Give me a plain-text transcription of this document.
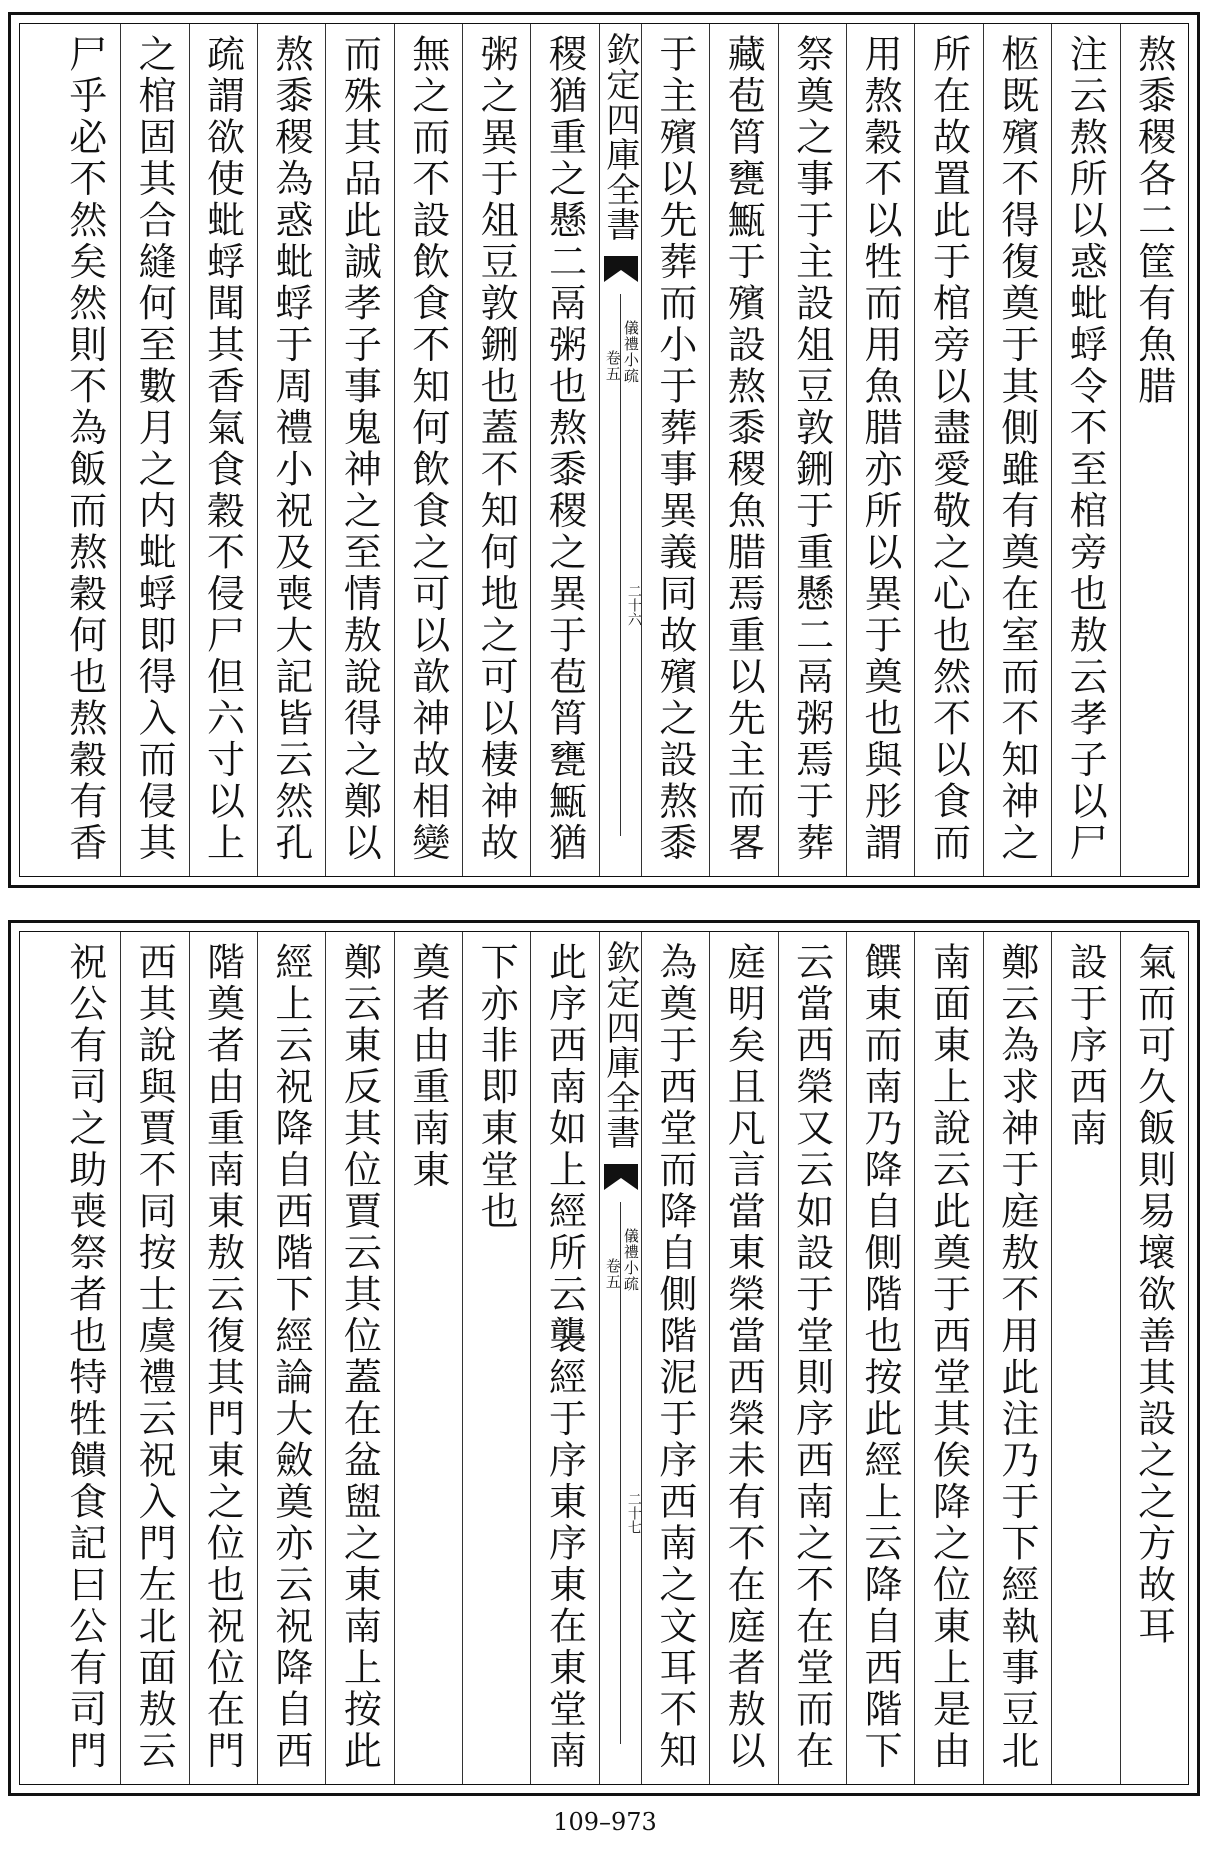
熬黍稷各二筐有魚腊
注云熬所以惑蚍蜉令不至棺旁也敖云孝子以尸
柩既殯不得復奠于其側雖有奠在室而不知神之
所在故置此于棺旁以盡愛敬之心也然不以食而
用熬穀不以牲而用魚腊亦所以異于奠也與彤謂
祭奠之事于主設俎豆敦鉶于重懸二鬲粥焉于葬
藏苞筲甕甒于殯設熬黍稷魚腊焉重以先主而畧
于主殯以先葬而小于葬事異義同故殯之設熬黍
欽定四庫全書
儀禮小疏
卷五
二十六
稷猶重之懸二鬲粥也熬黍稷之異于苞筲甕甒猶
粥之異于俎豆敦鉶也蓋不知何地之可以棲神故
無之而不設飲食不知何飲食之可以歆神故相變
而殊其品此誠孝子事鬼神之至情敖說得之鄭以
熬黍稷為惑蚍蜉于周禮小祝及喪大記皆云然孔
疏謂欲使蚍蜉聞其香氣食穀不侵尸但六寸以上
之棺固其合縫何至數月之内蚍蜉即得入而侵其
尸乎必不然矣然則不為飯而熬穀何也熬穀有香
氣而可久飯則易壞欲善其設之之方故耳
設于序西南
鄭云為求神于庭敖不用此注乃于下經執事豆北
南面東上說云此奠于西堂其俟降之位東上是由
饌東而南乃降自側階也按此經上云降自西階下
云當西榮又云如設于堂則序西南之不在堂而在
庭明矣且凡言當東榮當西榮未有不在庭者敖以
為奠于西堂而降自側階泥于序西南之文耳不知
欽定四庫全書
儀禮小疏
卷五
二十七
此序西南如上經所云襲經于序東序東在東堂南
下亦非即東堂也
奠者由重南東
鄭云東反其位賈云其位蓋在盆盥之東南上按此
經上云祝降自西階下經論大斂奠亦云祝降自西
階奠者由重南東敖云復其門東之位也祝位在門
西其說與賈不同按士虞禮云祝入門左北面敖云
祝公有司之助喪祭者也特牲饋食記曰公有司門
109–973
